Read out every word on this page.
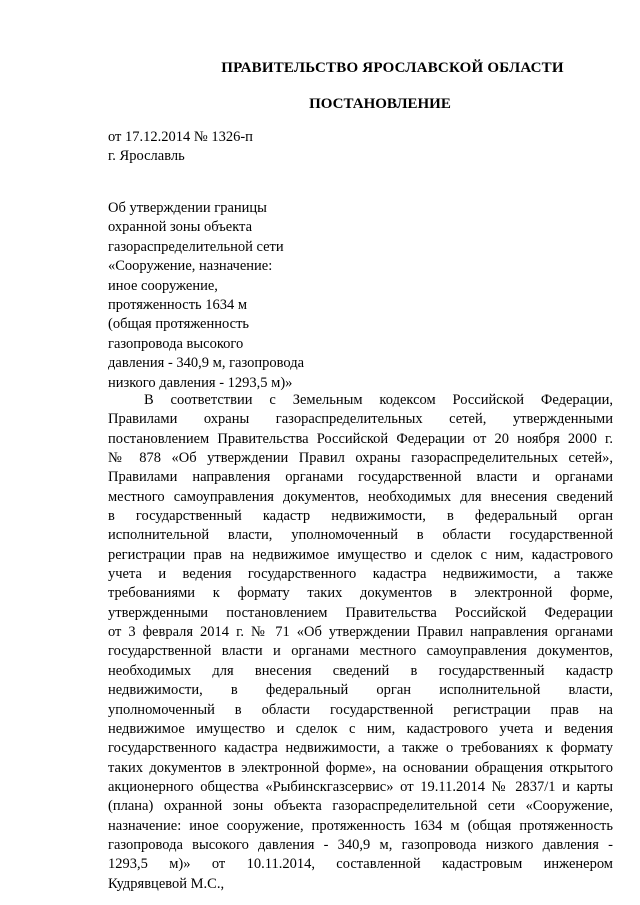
ПРАВИТЕЛЬСТВО ЯРОСЛАВСКОЙ ОБЛАСТИ
ПОСТАНОВЛЕНИЕ
от 17.12.2014 № 1326-п
г. Ярославль
Об утверждении границы
охранной зоны объекта
газораспределительной сети
«Сооружение, назначение:
иное сооружение,
протяженность 1634 м
(общая протяженность
газопровода высокого
давления - 340,9 м, газопровода
низкого давления - 1293,5 м)»
В соответствии с Земельным кодексом Российской Федерации,
Правилами охраны газораспределительных сетей, утвержденными
постановлением Правительства Российской Федерации от 20 ноября 2000 г.
№ 878 «Об утверждении Правил охраны газораспределительных сетей»,
Правилами направления органами государственной власти и органами
местного самоуправления документов, необходимых для внесения сведений
в государственный кадастр недвижимости, в федеральный орган
исполнительной власти, уполномоченный в области государственной
регистрации прав на недвижимое имущество и сделок с ним, кадастрового
учета и ведения государственного кадастра недвижимости, а также
требованиями к формату таких документов в электронной форме,
утвержденными постановлением Правительства Российской Федерации
от 3 февраля 2014 г. № 71 «Об утверждении Правил направления органами
государственной власти и органами местного самоуправления документов,
необходимых для внесения сведений в государственный кадастр
недвижимости, в федеральный орган исполнительной власти,
уполномоченный в области государственной регистрации прав на
недвижимое имущество и сделок с ним, кадастрового учета и ведения
государственного кадастра недвижимости, а также о требованиях к формату
таких документов в электронной форме», на основании обращения открытого
акционерного общества «Рыбинскгазсервис» от 19.11.2014 № 2837/1 и карты
(плана) охранной зоны объекта газораспределительной сети «Сооружение,
назначение: иное сооружение, протяженность 1634 м (общая протяженность
газопровода высокого давления - 340,9 м, газопровода низкого давления -
1293,5 м)» от 10.11.2014, составленной кадастровым инженером
Кудрявцевой М.С.,
